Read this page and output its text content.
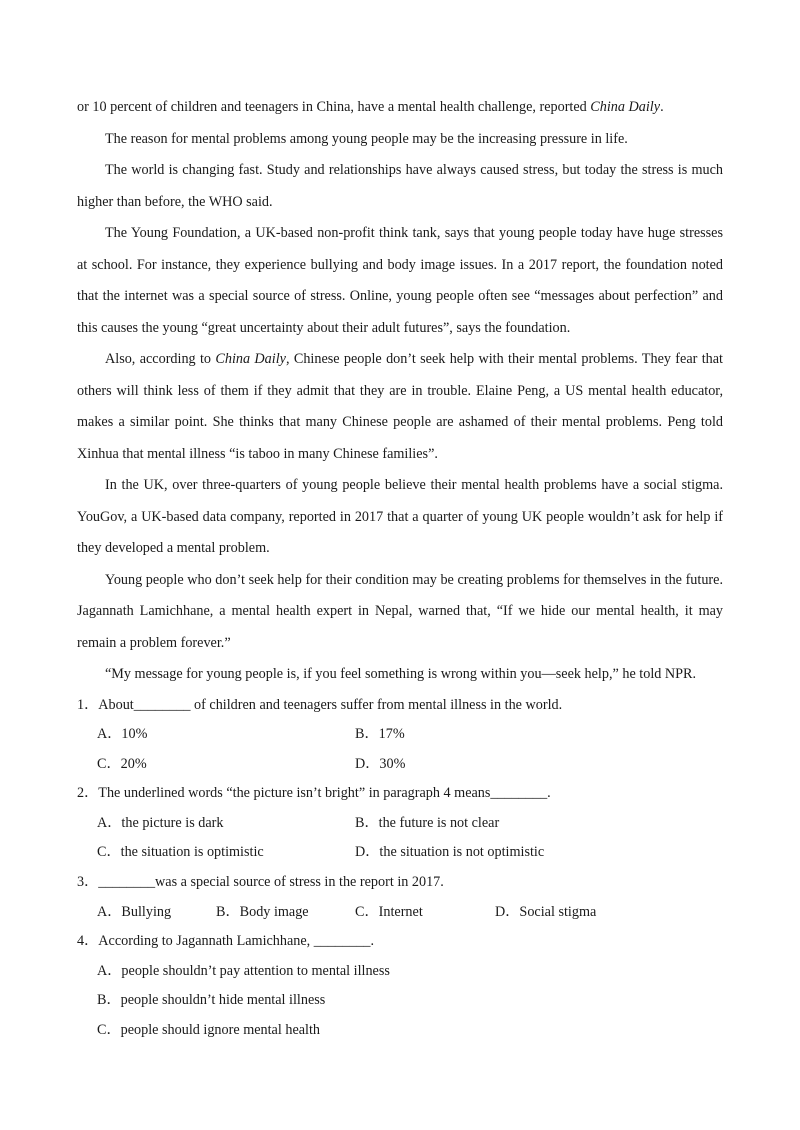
or 10 percent of children and teenagers in China, have a mental health challenge, reported China Daily.

The reason for mental problems among young people may be the increasing pressure in life.

The world is changing fast. Study and relationships have always caused stress, but today the stress is much higher than before, the WHO said.

The Young Foundation, a UK-based non-profit think tank, says that young people today have huge stresses at school. For instance, they experience bullying and body image issues. In a 2017 report, the foundation noted that the internet was a special source of stress. Online, young people often see “messages about perfection” and this causes the young “great uncertainty about their adult futures”, says the foundation.

Also, according to China Daily, Chinese people don’t seek help with their mental problems. They fear that others will think less of them if they admit that they are in trouble. Elaine Peng, a US mental health educator, makes a similar point. She thinks that many Chinese people are ashamed of their mental problems. Peng told Xinhua that mental illness “is taboo in many Chinese families”.

In the UK, over three-quarters of young people believe their mental health problems have a social stigma. YouGov, a UK-based data company, reported in 2017 that a quarter of young UK people wouldn’t ask for help if they developed a mental problem.

Young people who don’t seek help for their condition may be creating problems for themselves in the future. Jagannath Lamichhane, a mental health expert in Nepal, warned that, “If we hide our mental health, it may remain a problem forever.”

“My message for young people is, if you feel something is wrong within you—seek help,” he told NPR.

1．About________ of children and teenagers suffer from mental illness in the world.

A．10%	B．17%
C．20%	D．30%

2．The underlined words “the picture isn’t bright” in paragraph 4 means________.

A．the picture is dark	B．the future is not clear
C．the situation is optimistic	D．the situation is not optimistic

3．________was a special source of stress in the report in 2017.

A．Bullying	B．Body image	C．Internet	D．Social stigma

4．According to Jagannath Lamichhane, ________.

A．people shouldn’t pay attention to mental illness
B．people shouldn’t hide mental illness
C．people should ignore mental health
